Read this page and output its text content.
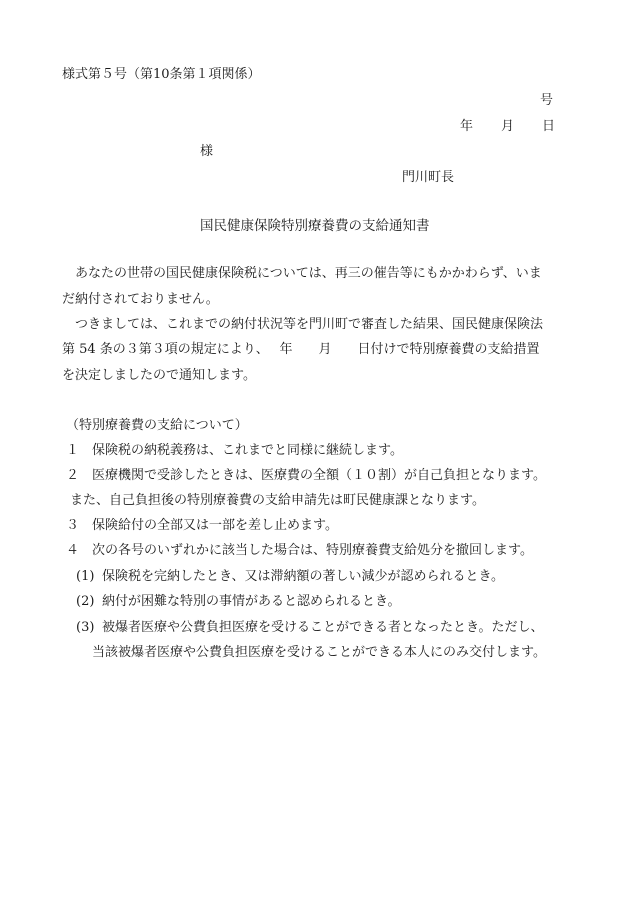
様式第５号（第10条第１項関係）
号
年 月 日
様
門川町長
国民健康保険特別療養費の支給通知書
あなたの世帯の国民健康保険税については、再三の催告等にもかかわらず、いま
だ納付されておりません。
つきましては、これまでの納付状況等を門川町で審査した結果、国民健康保険法
第 54 条の３第３項の規定により、　 年　　月　　日付けで特別療養費の支給措置
を決定しましたので通知します。
（特別療養費の支給について）
１ 保険税の納税義務は、これまでと同様に継続します。
２ 医療機関で受診したときは、医療費の全額（１０割）が自己負担となります。
また、自己負担後の特別療養費の支給申請先は町民健康課となります。
３ 保険給付の全部又は一部を差し止めます。
４ 次の各号のいずれかに該当した場合は、特別療養費支給処分を撤回します。
(1) 保険税を完納したとき、又は滞納額の著しい減少が認められるとき。
(2) 納付が困難な特別の事情があると認められるとき。
(3) 被爆者医療や公費負担医療を受けることができる者となったとき。ただし、
当該被爆者医療や公費負担医療を受けることができる本人にのみ交付します。
